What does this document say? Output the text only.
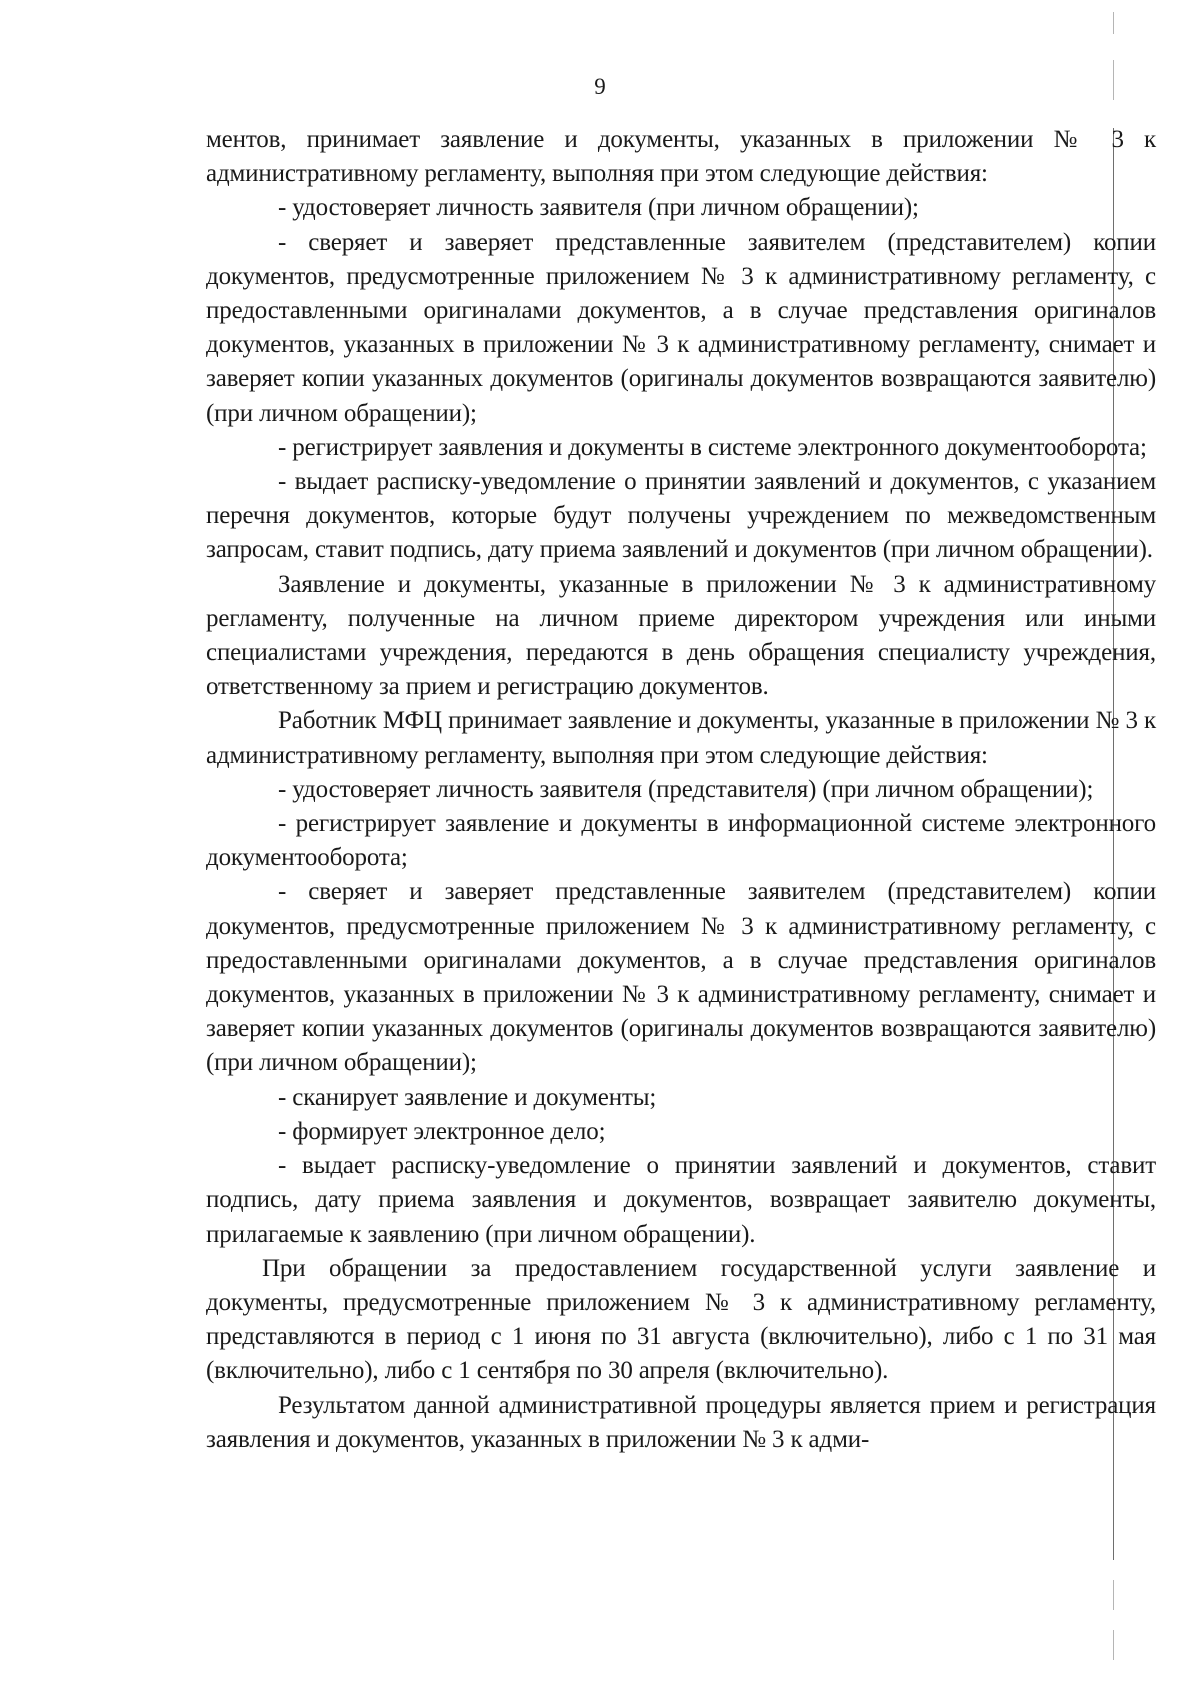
9

ментов, принимает заявление и документы, указанных в приложении № 3 к административному регламенту, выполняя при этом следующие действия:

- удостоверяет личность заявителя (при личном обращении);

- сверяет и заверяет представленные заявителем (представителем) копии документов, предусмотренные приложением № 3 к административному регламенту, с предоставленными оригиналами документов, а в случае представления оригиналов документов, указанных в приложении № 3 к административному регламенту, снимает и заверяет копии указанных документов (оригиналы документов возвращаются заявителю) (при личном обращении);

- регистрирует заявления и документы в системе электронного документооборота;

- выдает расписку-уведомление о принятии заявлений и документов, с указанием перечня документов, которые будут получены учреждением по межведомственным запросам, ставит подпись, дату приема заявлений и документов (при личном обращении).

Заявление и документы, указанные в приложении № 3 к административному регламенту, полученные на личном приеме директором учреждения или иными специалистами учреждения, передаются в день обращения специалисту учреждения, ответственному за прием и регистрацию документов.

Работник МФЦ принимает заявление и документы, указанные в приложении № 3 к административному регламенту, выполняя при этом следующие действия:

- удостоверяет личность заявителя (представителя) (при личном обращении);

- регистрирует заявление и документы в информационной системе электронного документооборота;

- сверяет и заверяет представленные заявителем (представителем) копии документов, предусмотренные приложением № 3 к административному регламенту, с предоставленными оригиналами документов, а в случае представления оригиналов документов, указанных в приложении № 3 к административному регламенту, снимает и заверяет копии указанных документов (оригиналы документов возвращаются заявителю) (при личном обращении);

- сканирует заявление и документы;

- формирует электронное дело;

- выдает расписку-уведомление о принятии заявлений и документов, ставит подпись, дату приема заявления и документов, возвращает заявителю документы, прилагаемые к заявлению (при личном обращении).

При обращении за предоставлением государственной услуги заявление и документы, предусмотренные приложением № 3 к административному регламенту, представляются в период с 1 июня по 31 августа (включительно), либо с 1 по 31 мая (включительно), либо с 1 сентября по 30 апреля (включительно).

Результатом данной административной процедуры является прием и регистрация заявления и документов, указанных в приложении № 3 к адми-
